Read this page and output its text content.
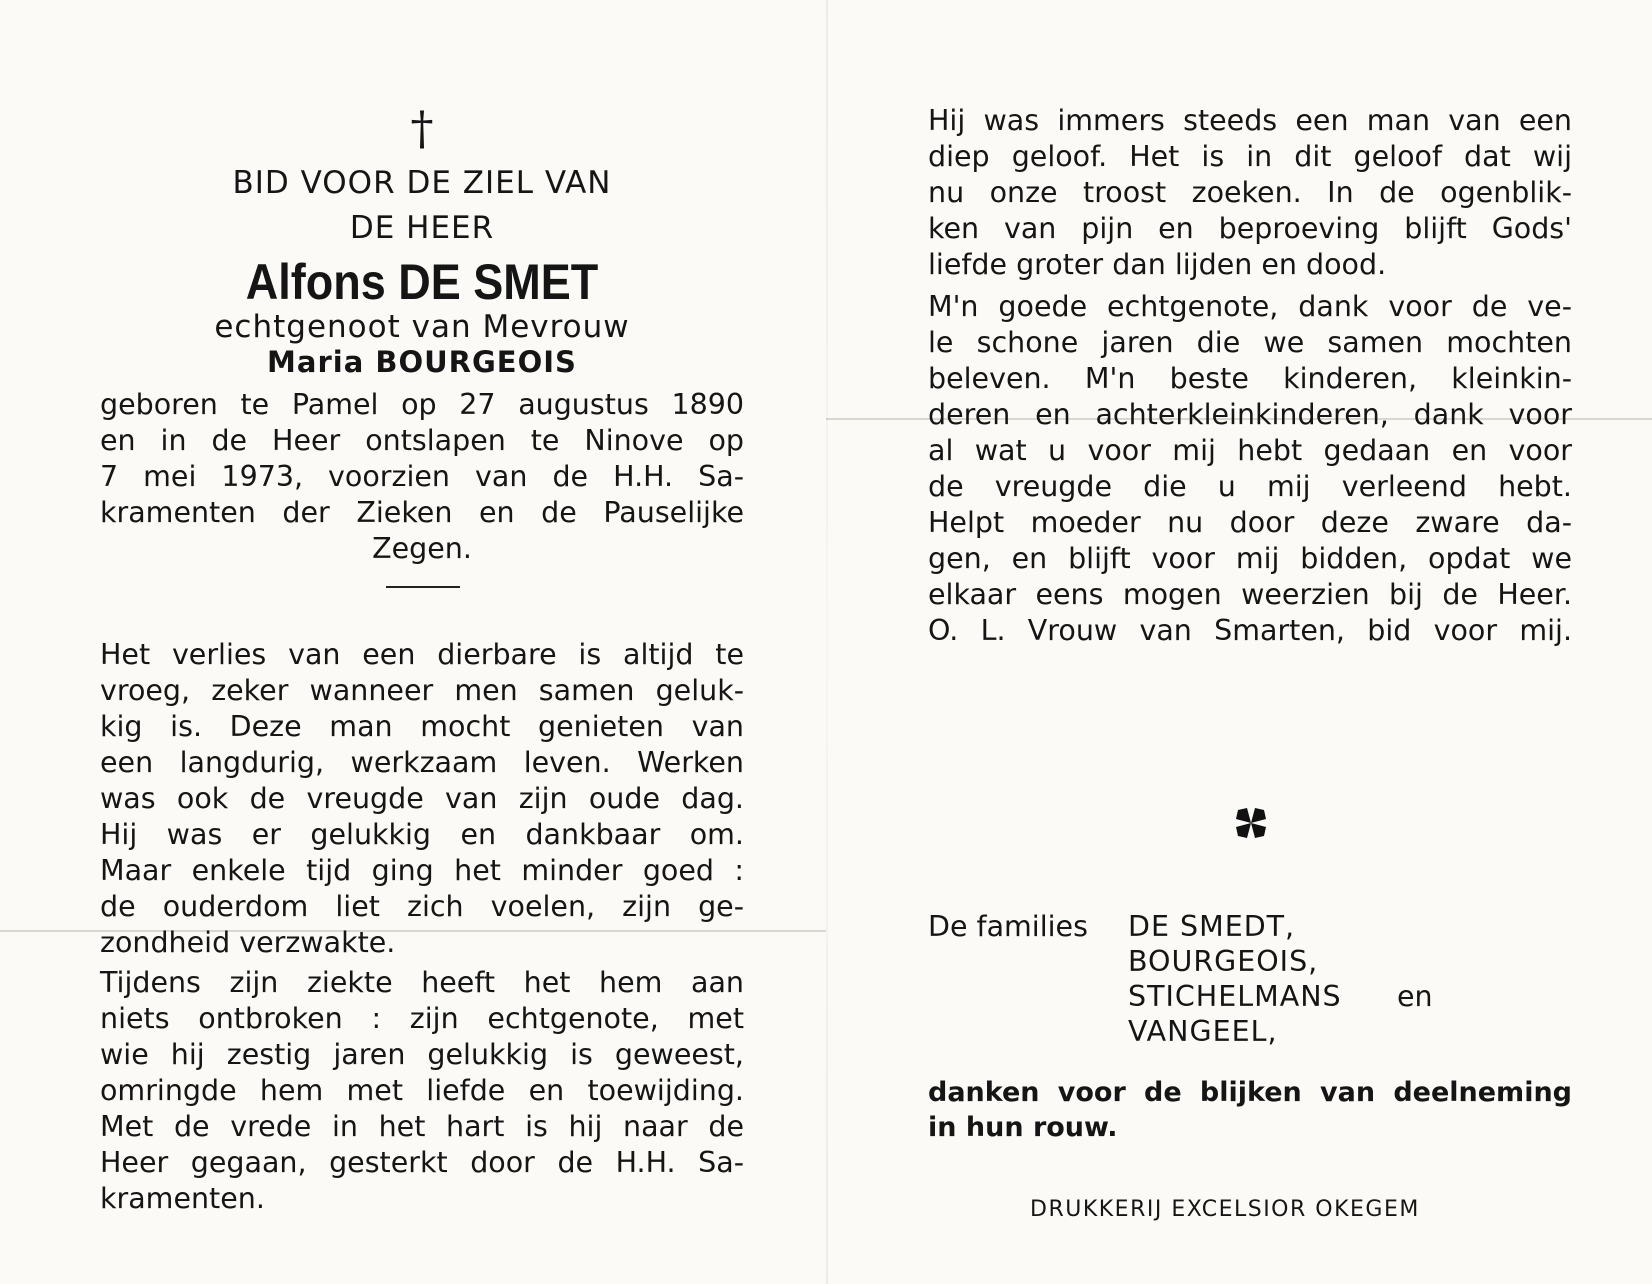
†
BID VOOR DE ZIEL VAN
DE HEER
Alfons DE SMET
echtgenoot van Mevrouw
Maria BOURGEOIS
geboren te Pamel op 27 augustus 1890
en in de Heer ontslapen te Ninove op
7 mei 1973, voorzien van de H.H. Sa-
kramenten der Zieken en de Pauselijke
Zegen.
Het verlies van een dierbare is altijd te
vroeg, zeker wanneer men samen geluk-
kig is. Deze man mocht genieten van
een langdurig, werkzaam leven. Werken
was ook de vreugde van zijn oude dag.
Hij was er gelukkig en dankbaar om.
Maar enkele tijd ging het minder goed :
de ouderdom liet zich voelen, zijn ge-
zondheid verzwakte.
Tijdens zijn ziekte heeft het hem aan
niets ontbroken : zijn echtgenote, met
wie hij zestig jaren gelukkig is geweest,
omringde hem met liefde en toewijding.
Met de vrede in het hart is hij naar de
Heer gegaan, gesterkt door de H.H. Sa-
kramenten.
Hij was immers steeds een man van een
diep geloof. Het is in dit geloof dat wij
nu onze troost zoeken. In de ogenblik-
ken van pijn en beproeving blijft Gods'
liefde groter dan lijden en dood.
M'n goede echtgenote, dank voor de ve-
le schone jaren die we samen mochten
beleven. M'n beste kinderen, kleinkin-
deren en achterkleinkinderen, dank voor
al wat u voor mij hebt gedaan en voor
de vreugde die u mij verleend hebt.
Helpt moeder nu door deze zware da-
gen, en blijft voor mij bidden, opdat we
elkaar eens mogen weerzien bij de Heer.
O. L. Vrouw van Smarten, bid voor mij.
De families DE SMEDT,
BOURGEOIS,
STICHELMANS en
VANGEEL,
danken voor de blijken van deelneming
in hun rouw.
DRUKKERIJ EXCELSIOR OKEGEM
